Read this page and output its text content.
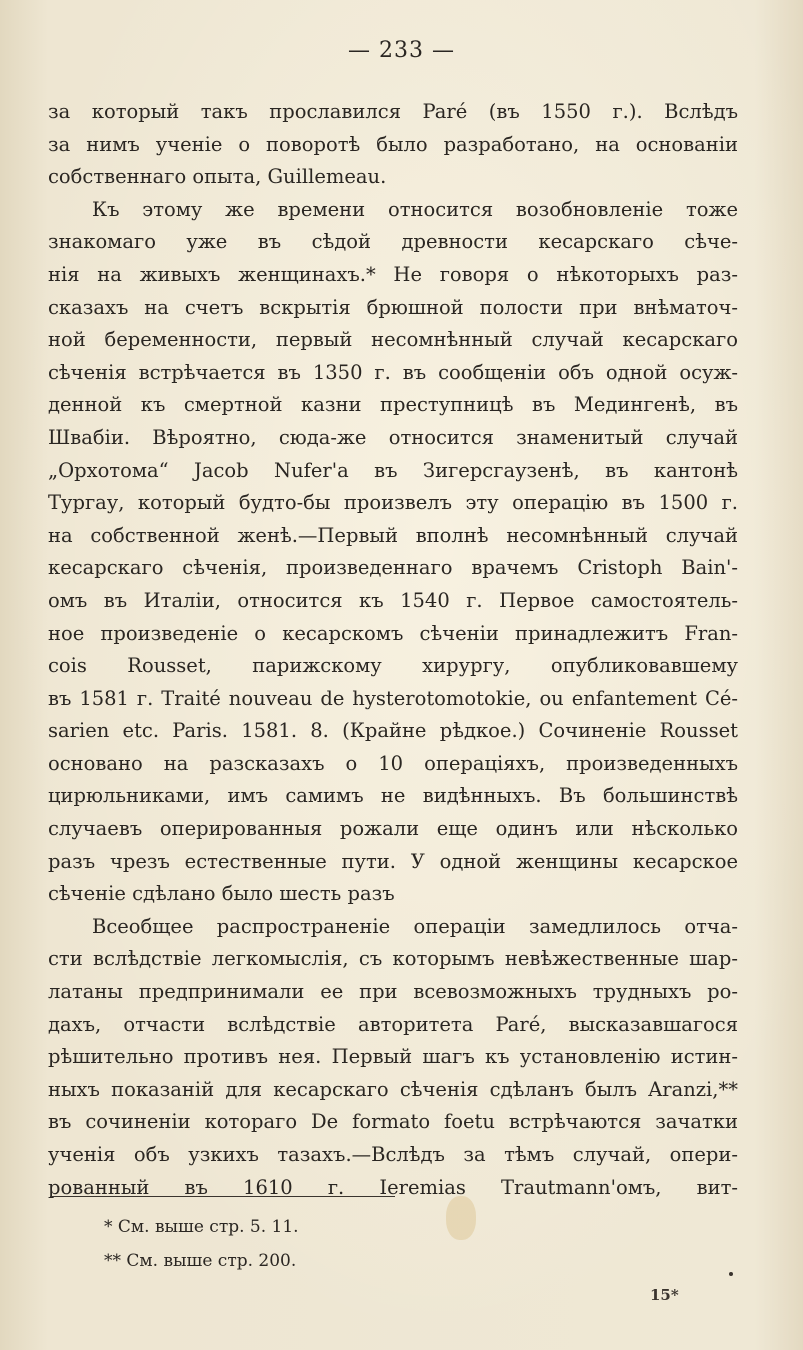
— 233 —
за который такъ прославился Paré (въ 1550 г.). Вслѣдъ
за нимъ ученіе о поворотѣ было разработано, на основаніи
собственнаго опыта, Guillemeau.
Къ этому же времени относится возобновленіе тоже
знакомаго уже въ сѣдой древности кесарскаго сѣче-
нія на живыхъ женщинахъ.* Не говоря о нѣкоторыхъ раз-
сказахъ на счетъ вскрытія брюшной полости при внѣматоч-
ной беременности, первый несомнѣнный случай кесарскаго
сѣченія встрѣчается въ 1350 г. въ сообщеніи объ одной осуж-
денной къ смертной казни преступницѣ въ Медингенѣ, въ
Швабіи. Вѣроятно, сюда-же относится знаменитый случай
„Орхотома“ Jacob Nufer'а въ Зигерсгаузенѣ, въ кантонѣ
Тургау, который будто-бы произвелъ эту операцію въ 1500 г.
на собственной женѣ.—Первый вполнѣ несомнѣнный случай
кесарскаго сѣченія, произведеннаго врачемъ Cristoph Bain'-
омъ въ Италіи, относится къ 1540 г. Первое самостоятель-
ное произведеніе о кесарскомъ сѣченіи принадлежитъ Fran-
cois Rousset, парижскому хирургу, опубликовавшему
въ 1581 г. Traité nouveau de hysterotomotokie, ou enfantement Cé-
sarien etc. Paris. 1581. 8. (Крайне рѣдкое.) Сочиненіе Rousset
основано на разсказахъ о 10 операціяхъ, произведенныхъ
цирюльниками, имъ самимъ не видѣнныхъ. Въ большинствѣ
случаевъ оперированныя рожали еще одинъ или нѣсколько
разъ чрезъ естественные пути. У одной женщины кесарское
сѣченіе сдѣлано было шесть разъ
Всеобщее распространеніе операціи замедлилось отча-
сти вслѣдствіе легкомыслія, съ которымъ невѣжественные шар-
латаны предпринимали ее при всевозможныхъ трудныхъ ро-
дахъ, отчасти вслѣдствіе авторитета Paré, высказавшагося
рѣшительно противъ нея. Первый шагъ къ установленію истин-
ныхъ показаній для кесарскаго сѣченія сдѣланъ былъ Aranzi,**
въ сочиненіи котораго De formato foetu встрѣчаются зачатки
ученія объ узкихъ тазахъ.—Вслѣдъ за тѣмъ случай, опери-
рованный въ 1610 г. Ieremias Trautmann'омъ, вит-
* См. выше стр. 5. 11.
** См. выше стр. 200.
15*
